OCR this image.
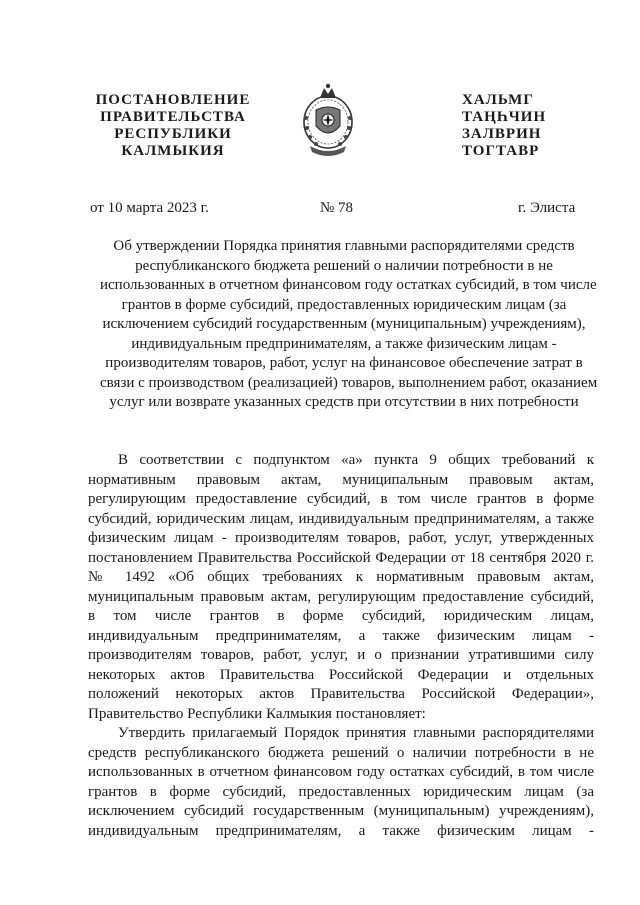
ПОСТАНОВЛЕНИЕ
ПРАВИТЕЛЬСТВА
РЕСПУБЛИКИ
КАЛМЫКИЯ
ХАЛЬМГ
ТАҢҺЧИН
ЗАЛВРИН
ТОГТАВР
от 10 марта 2023 г.	№ 78	г. Элиста
Об утверждении Порядка принятия главными распорядителями средств
республиканского бюджета решений о наличии потребности в не
использованных в отчетном финансовом году остатках субсидий, в том числе
грантов в форме субсидий, предоставленных юридическим лицам (за
исключением субсидий государственным (муниципальным) учреждениям),
индивидуальным предпринимателям, а также физическим лицам -
производителям товаров, работ, услуг на финансовое обеспечение затрат в
связи с производством (реализацией) товаров, выполнением работ, оказанием
услуг или возврате указанных средств при отсутствии в них потребности
В соответствии с подпунктом «а» пункта 9 общих требований к
нормативным правовым актам, муниципальным правовым актам,
регулирующим предоставление субсидий, в том числе грантов в форме
субсидий, юридическим лицам, индивидуальным предпринимателям, а также
физическим лицам - производителям товаров, работ, услуг, утвержденных
постановлением Правительства Российской Федерации от 18 сентября 2020 г.
№ 1492 «Об общих требованиях к нормативным правовым актам,
муниципальным правовым актам, регулирующим предоставление субсидий,
в том числе грантов в форме субсидий, юридическим лицам,
индивидуальным предпринимателям, а также физическим лицам -
производителям товаров, работ, услуг, и о признании утратившими силу
некоторых актов Правительства Российской Федерации и отдельных
положений некоторых актов Правительства Российской Федерации»,
Правительство Республики Калмыкия постановляет:
Утвердить прилагаемый Порядок принятия главными распорядителями
средств республиканского бюджета решений о наличии потребности в не
использованных в отчетном финансовом году остатках субсидий, в том числе
грантов в форме субсидий, предоставленных юридическим лицам (за
исключением субсидий государственным (муниципальным) учреждениям),
индивидуальным предпринимателям, а также физическим лицам -
